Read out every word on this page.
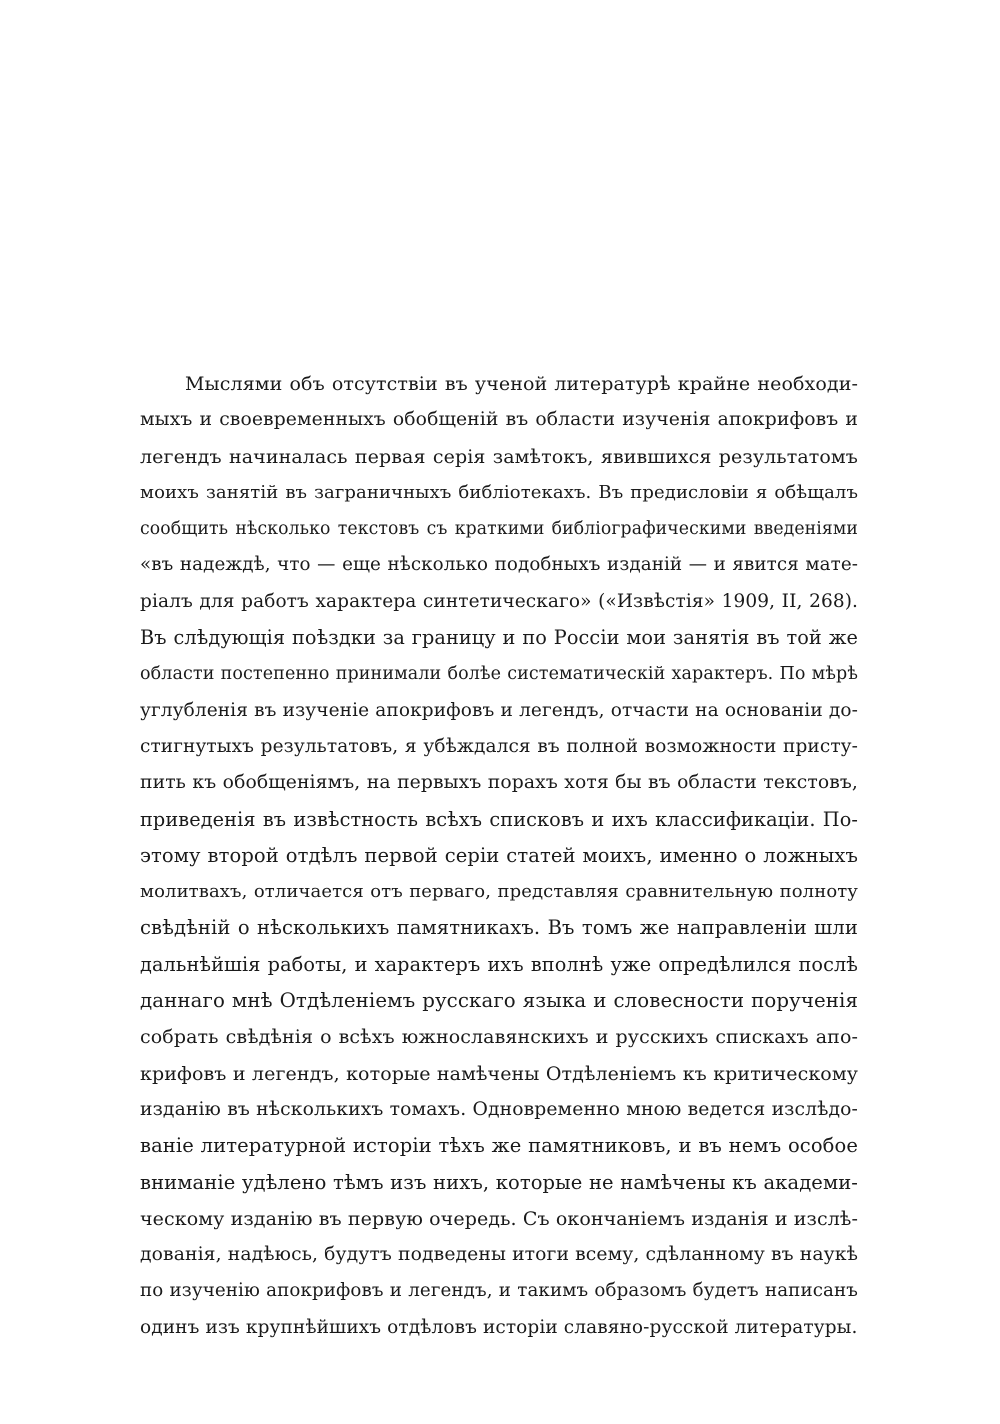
Мыслями объ отсутствіи въ ученой литературѣ крайне необходи-
мыхъ и своевременныхъ обобщеній въ области изученія апокрифовъ и
легендъ начиналась первая серія замѣтокъ, явившихся результатомъ
моихъ занятій въ заграничныхъ библіотекахъ. Въ предисловіи я обѣщалъ
сообщить нѣсколько текстовъ съ краткими библіографическими введеніями
«въ надеждѣ, что — еще нѣсколько подобныхъ изданій — и явится мате-
ріалъ для работъ характера синтетическаго» («Извѣстія» 1909, II, 268).
Въ слѣдующія поѣздки за границу и по Россіи мои занятія въ той же
области постепенно принимали болѣе систематическій характеръ. По мѣрѣ
углубленія въ изученіе апокрифовъ и легендъ, отчасти на основаніи до-
стигнутыхъ результатовъ, я убѣждался въ полной возможности присту-
пить къ обобщеніямъ, на первыхъ порахъ хотя бы въ области текстовъ,
приведенія въ извѣстность всѣхъ списковъ и ихъ классификаціи. По-
этому второй отдѣлъ первой серіи статей моихъ, именно о ложныхъ
молитвахъ, отличается отъ перваго, представляя сравнительную полноту
свѣдѣній о нѣсколькихъ памятникахъ. Въ томъ же направленіи шли
дальнѣйшія работы, и характеръ ихъ вполнѣ уже опредѣлился послѣ
даннаго мнѣ Отдѣленіемъ русскаго языка и словесности порученія
собрать свѣдѣнія о всѣхъ южнославянскихъ и русскихъ спискахъ апо-
крифовъ и легендъ, которые намѣчены Отдѣленіемъ къ критическому
изданію въ нѣсколькихъ томахъ. Одновременно мною ведется изслѣдо-
ваніе литературной исторіи тѣхъ же памятниковъ, и въ немъ особое
вниманіе удѣлено тѣмъ изъ нихъ, которые не намѣчены къ академи-
ческому изданію въ первую очередь. Съ окончаніемъ изданія и изслѣ-
дованія, надѣюсь, будутъ подведены итоги всему, сдѣланному въ наукѣ
по изученію апокрифовъ и легендъ, и такимъ образомъ будетъ написанъ
одинъ изъ крупнѣйшихъ отдѣловъ исторіи славяно-русской литературы.
